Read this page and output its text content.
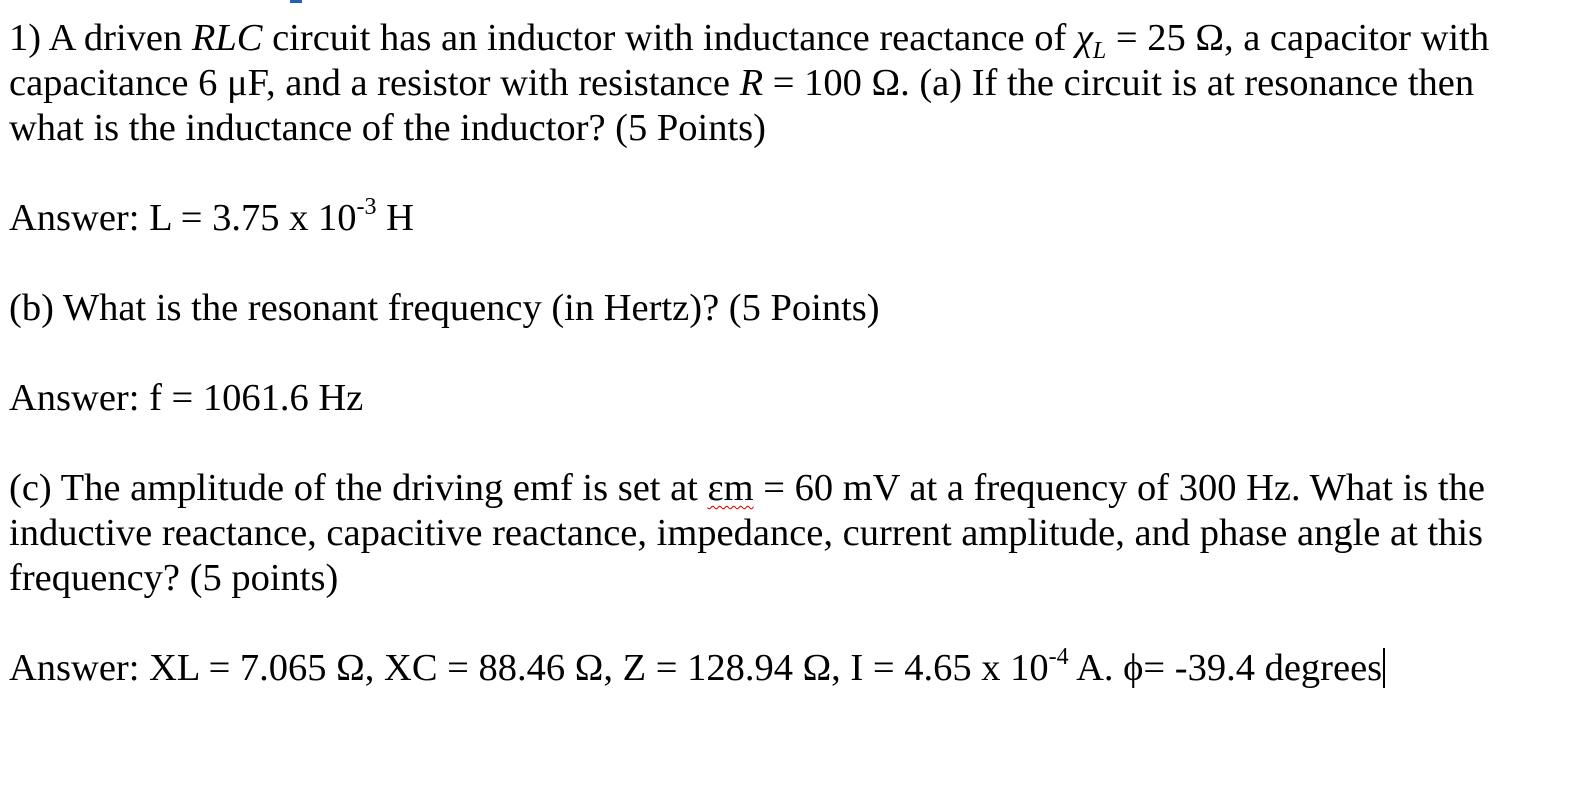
1) A driven RLC circuit has an inductor with inductance reactance of $\chi_L = 25$ Ω, a capacitor with
capacitance 6 μF, and a resistor with resistance R = 100 Ω. (a) If the circuit is at resonance then
what is the inductance of the inductor? (5 Points)

Answer: L = 3.75 x $10^{-3}$ H

(b) What is the resonant frequency (in Hertz)? (5 Points)

Answer: f = 1061.6 Hz

(c) The amplitude of the driving emf is set at εm = 60 mV at a frequency of 300 Hz. What is the
inductive reactance, capacitive reactance, impedance, current amplitude, and phase angle at this
frequency? (5 points)

Answer: XL = 7.065 Ω, XC = 88.46 Ω, Z = 128.94 Ω, I = 4.65 x $10^{-4}$ A. ϕ= -39.4 degrees
